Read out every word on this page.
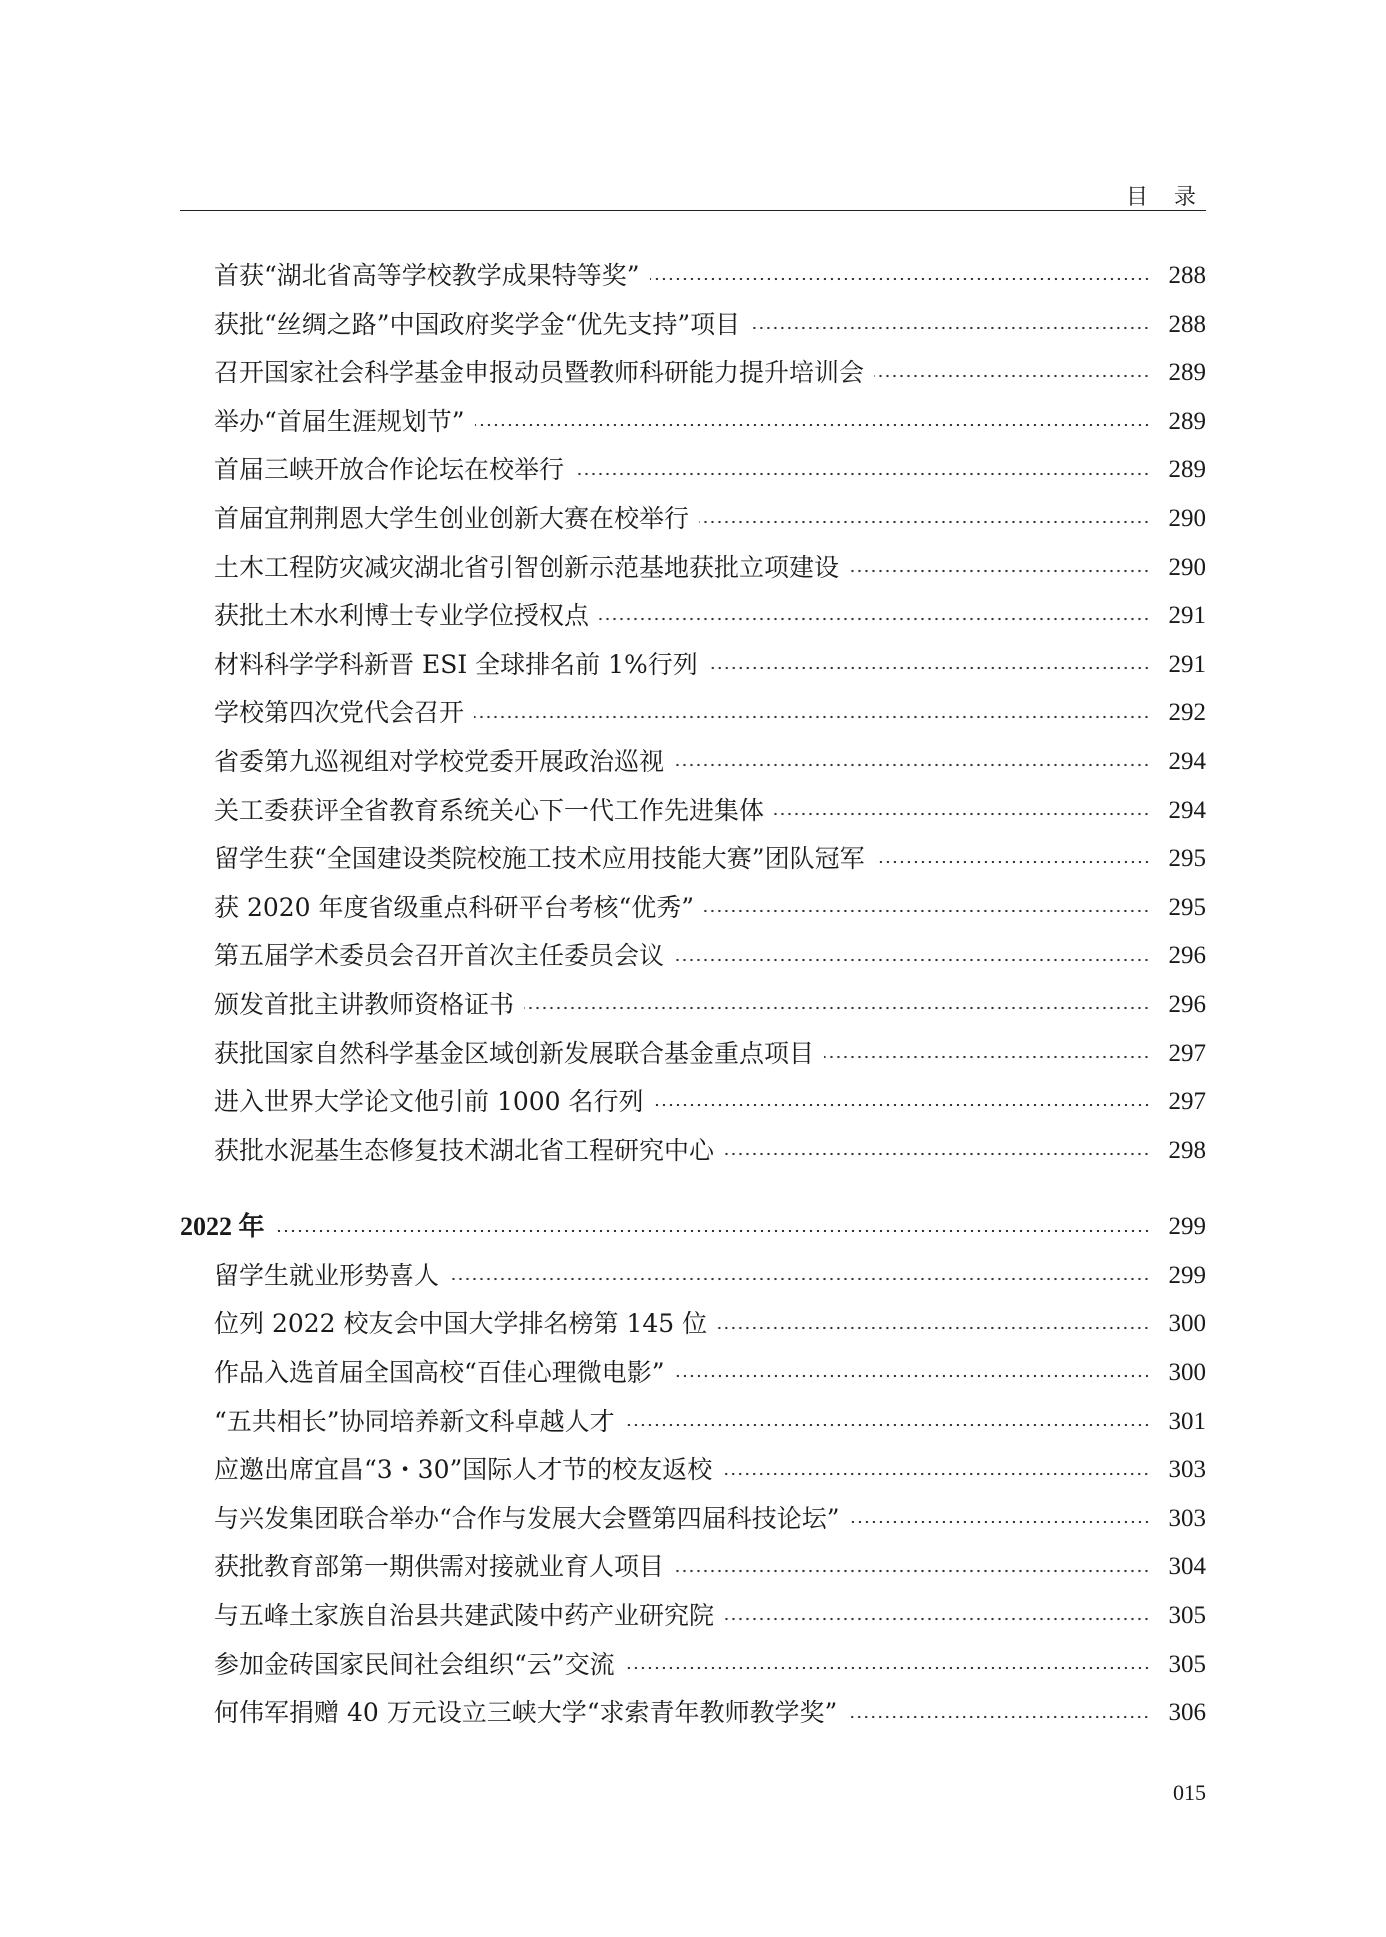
目录
首获“湖北省高等学校教学成果特等奖”	288
获批“丝绸之路”中国政府奖学金“优先支持”项目	288
召开国家社会科学基金申报动员暨教师科研能力提升培训会	289
举办“首届生涯规划节”	289
首届三峡开放合作论坛在校举行	289
首届宜荆荆恩大学生创业创新大赛在校举行	290
土木工程防灾减灾湖北省引智创新示范基地获批立项建设	290
获批土木水利博士专业学位授权点	291
材料科学学科新晋 ESI 全球排名前 1%行列	291
学校第四次党代会召开	292
省委第九巡视组对学校党委开展政治巡视	294
关工委获评全省教育系统关心下一代工作先进集体	294
留学生获“全国建设类院校施工技术应用技能大赛”团队冠军	295
获 2020 年度省级重点科研平台考核“优秀”	295
第五届学术委员会召开首次主任委员会议	296
颁发首批主讲教师资格证书	296
获批国家自然科学基金区域创新发展联合基金重点项目	297
进入世界大学论文他引前 1000 名行列	297
获批水泥基生态修复技术湖北省工程研究中心	298
2022 年	299
留学生就业形势喜人	299
位列 2022 校友会中国大学排名榜第 145 位	300
作品入选首届全国高校“百佳心理微电影”	300
“五共相长”协同培养新文科卓越人才	301
应邀出席宜昌“3・30”国际人才节的校友返校	303
与兴发集团联合举办“合作与发展大会暨第四届科技论坛”	303
获批教育部第一期供需对接就业育人项目	304
与五峰土家族自治县共建武陵中药产业研究院	305
参加金砖国家民间社会组织“云”交流	305
何伟军捐赠 40 万元设立三峡大学“求索青年教师教学奖”	306
015
